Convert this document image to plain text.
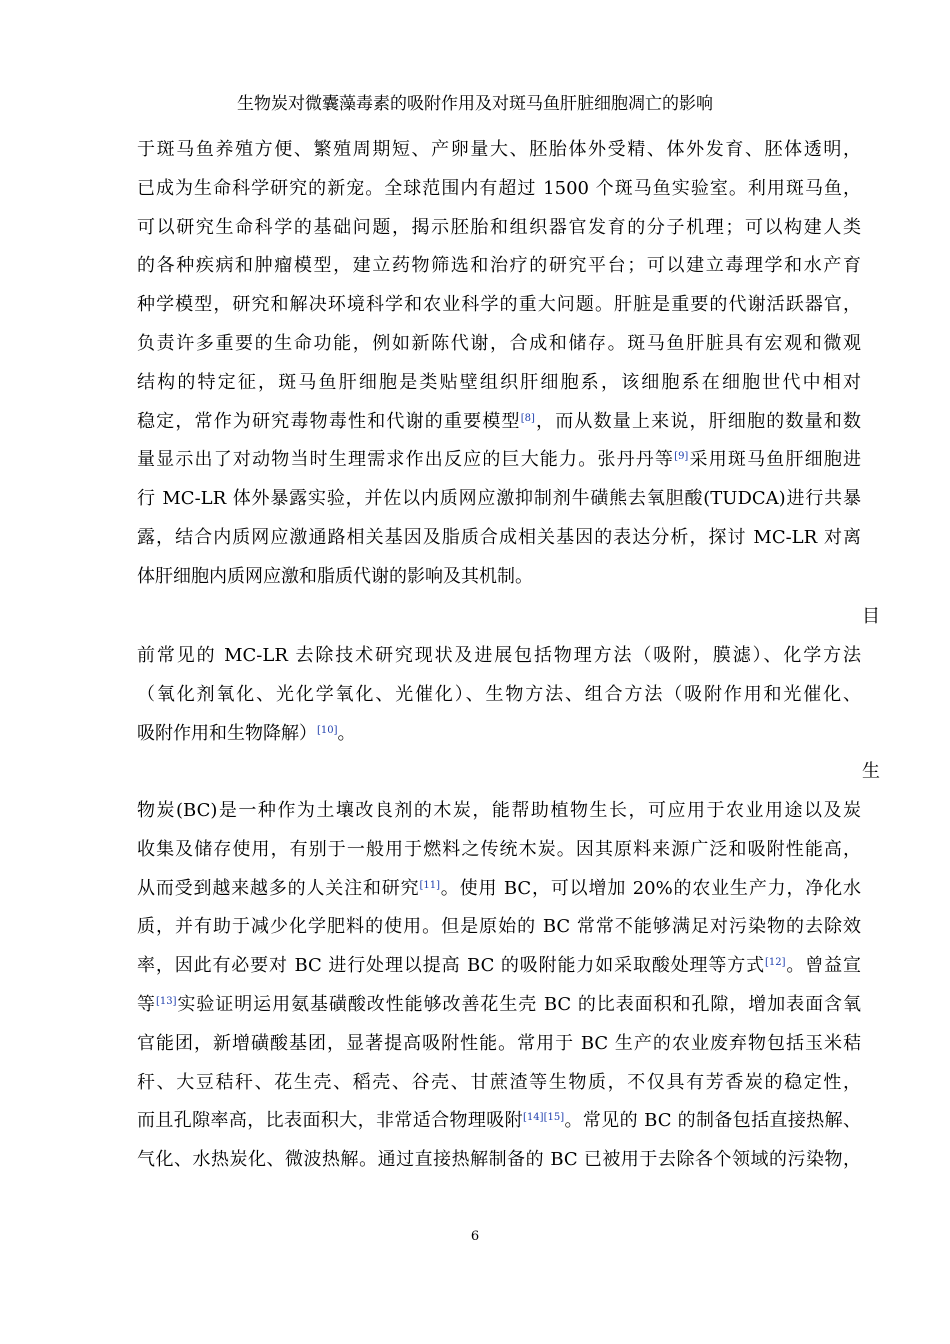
生物炭对微囊藻毒素的吸附作用及对斑马鱼肝脏细胞凋亡的影响
于斑马鱼养殖方便、繁殖周期短、产卵量大、胚胎体外受精、体外发育、胚体透明，
已成为生命科学研究的新宠。全球范围内有超过 1500 个斑马鱼实验室。利用斑马鱼，
可以研究生命科学的基础问题，揭示胚胎和组织器官发育的分子机理；可以构建人类
的各种疾病和肿瘤模型，建立药物筛选和治疗的研究平台；可以建立毒理学和水产育
种学模型，研究和解决环境科学和农业科学的重大问题。肝脏是重要的代谢活跃器官，
负责许多重要的生命功能，例如新陈代谢，合成和储存。斑马鱼肝脏具有宏观和微观
结构的特定征，斑马鱼肝细胞是类贴壁组织肝细胞系，该细胞系在细胞世代中相对
稳定，常作为研究毒物毒性和代谢的重要模型[8]，而从数量上来说，肝细胞的数量和数
量显示出了对动物当时生理需求作出反应的巨大能力。张丹丹等[9]采用斑马鱼肝细胞进
行 MC-LR 体外暴露实验，并佐以内质网应激抑制剂牛磺熊去氧胆酸(TUDCA)进行共暴
露，结合内质网应激通路相关基因及脂质合成相关基因的表达分析，探讨 MC-LR 对离
体肝细胞内质网应激和脂质代谢的影响及其机制。
目
前常见的 MC-LR 去除技术研究现状及进展包括物理方法（吸附，膜滤）、化学方法
（氧化剂氧化、光化学氧化、光催化）、生物方法、组合方法（吸附作用和光催化、
吸附作用和生物降解）[10]。
生
物炭(BC)是一种作为土壤改良剂的木炭，能帮助植物生长，可应用于农业用途以及炭
收集及储存使用，有别于一般用于燃料之传统木炭。因其原料来源广泛和吸附性能高，
从而受到越来越多的人关注和研究[11]。使用 BC，可以增加 20%的农业生产力，净化水
质，并有助于减少化学肥料的使用。但是原始的 BC 常常不能够满足对污染物的去除效
率，因此有必要对 BC 进行处理以提高 BC 的吸附能力如采取酸处理等方式[12]。曾益宣
等[13]实验证明运用氨基磺酸改性能够改善花生壳 BC 的比表面积和孔隙，增加表面含氧
官能团，新增磺酸基团，显著提高吸附性能。常用于 BC 生产的农业废弃物包括玉米秸
秆、大豆秸秆、花生壳、稻壳、谷壳、甘蔗渣等生物质，不仅具有芳香炭的稳定性，
而且孔隙率高，比表面积大，非常适合物理吸附[14][15]。常见的 BC 的制备包括直接热解、
气化、水热炭化、微波热解。通过直接热解制备的 BC 已被用于去除各个领域的污染物，
6
